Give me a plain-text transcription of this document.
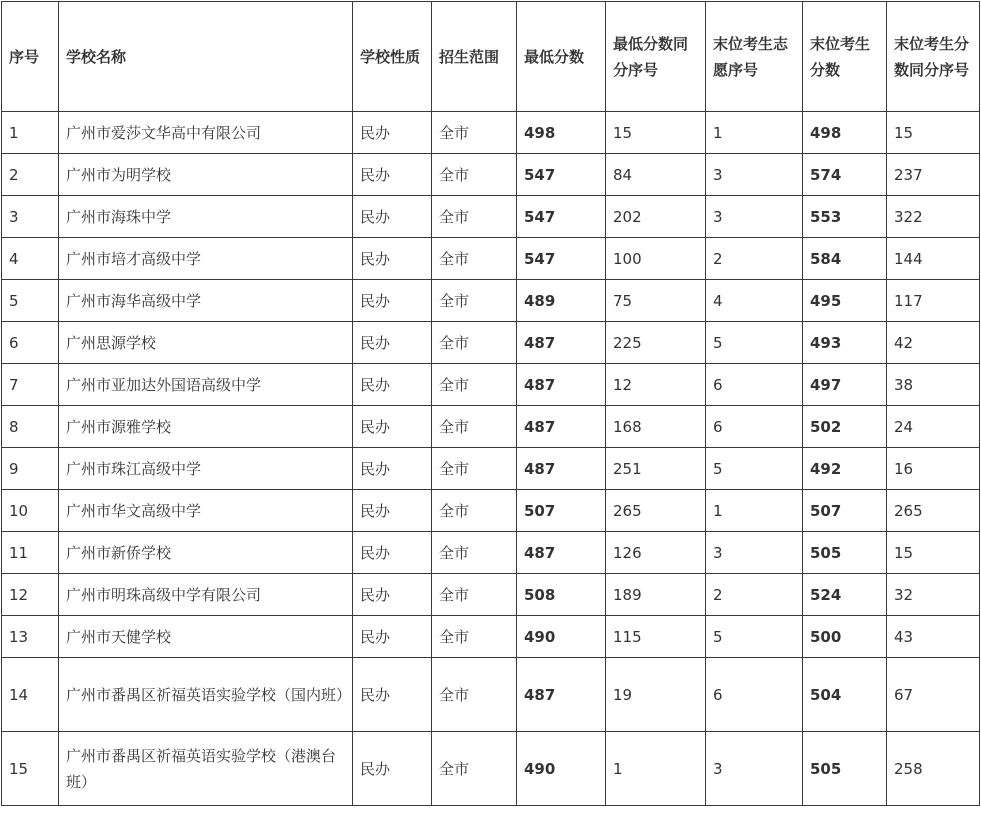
序号	学校名称	学校性质	招生范围	最低分数	最低分数同分序号	末位考生志愿序号	末位考生分数	末位考生分数同分序号
1	广州市爱莎文华高中有限公司	民办	全市	498	15	1	498	15
2	广州市为明学校	民办	全市	547	84	3	574	237
3	广州市海珠中学	民办	全市	547	202	3	553	322
4	广州市培才高级中学	民办	全市	547	100	2	584	144
5	广州市海华高级中学	民办	全市	489	75	4	495	117
6	广州思源学校	民办	全市	487	225	5	493	42
7	广州市亚加达外国语高级中学	民办	全市	487	12	6	497	38
8	广州市源雅学校	民办	全市	487	168	6	502	24
9	广州市珠江高级中学	民办	全市	487	251	5	492	16
10	广州市华文高级中学	民办	全市	507	265	1	507	265
11	广州市新侨学校	民办	全市	487	126	3	505	15
12	广州市明珠高级中学有限公司	民办	全市	508	189	2	524	32
13	广州市天健学校	民办	全市	490	115	5	500	43
14	广州市番禺区祈福英语实验学校（国内班）	民办	全市	487	19	6	504	67
15	广州市番禺区祈福英语实验学校（港澳台班）	民办	全市	490	1	3	505	258
